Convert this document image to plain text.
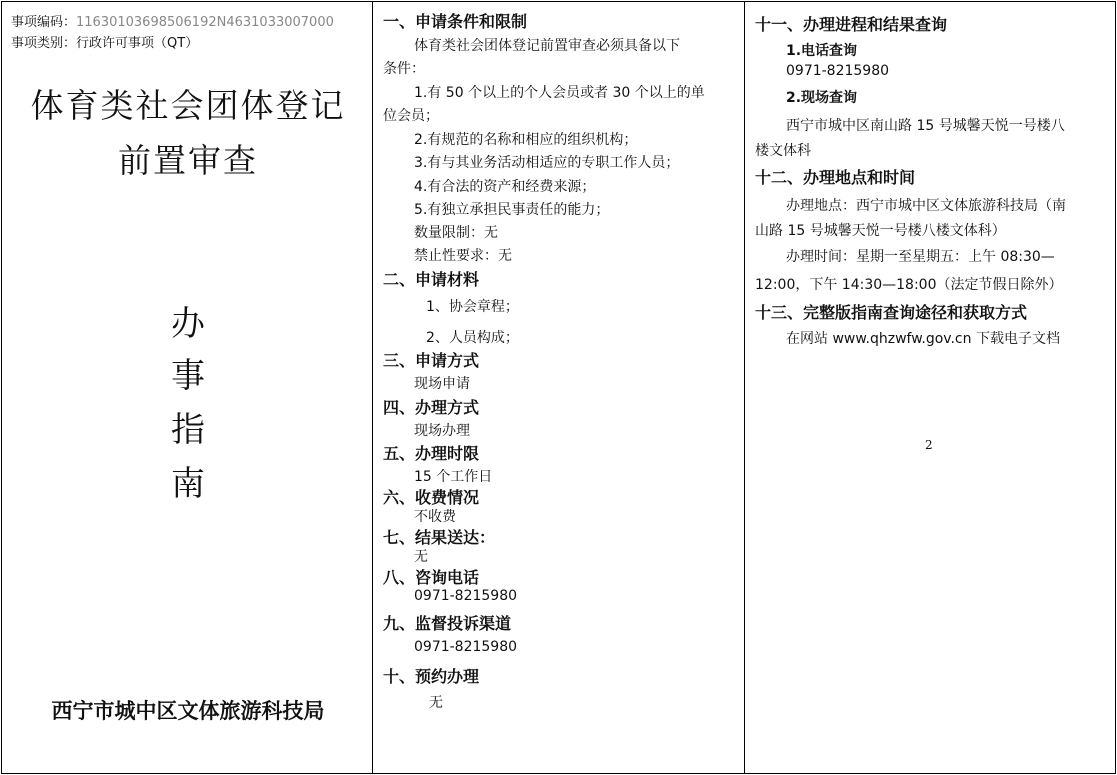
事项编码：11630103698506192N4631033007000
事项类别：行政许可事项（QT）
体育类社会团体登记
前置审查
办
事
指
南
西宁市城中区文体旅游科技局
一、申请条件和限制
体育类社会团体登记前置审查必须具备以下
条件：
1.有 50 个以上的个人会员或者 30 个以上的单
位会员；
2.有规范的名称和相应的组织机构；
3.有与其业务活动相适应的专职工作人员；
4.有合法的资产和经费来源；
5.有独立承担民事责任的能力；
数量限制：无
禁止性要求：无
二、申请材料
1、协会章程；
2、人员构成；
三、申请方式
现场申请
四、办理方式
现场办理
五、办理时限
15 个工作日
六、收费情况
不收费
七、结果送达：
无
八、咨询电话
0971-8215980
九、监督投诉渠道
0971-8215980
十、预约办理
无
十一、办理进程和结果查询
1.电话查询
0971-8215980
2.现场查询
西宁市城中区南山路 15 号城馨天悦一号楼八
楼文体科
十二、办理地点和时间
办理地点：西宁市城中区文体旅游科技局（南
山路 15 号城馨天悦一号楼八楼文体科）
办理时间：星期一至星期五：上午 08:30—
12:00，下午 14:30—18:00（法定节假日除外）
十三、完整版指南查询途径和获取方式
在网站 www.qhzwfw.gov.cn 下载电子文档
2
